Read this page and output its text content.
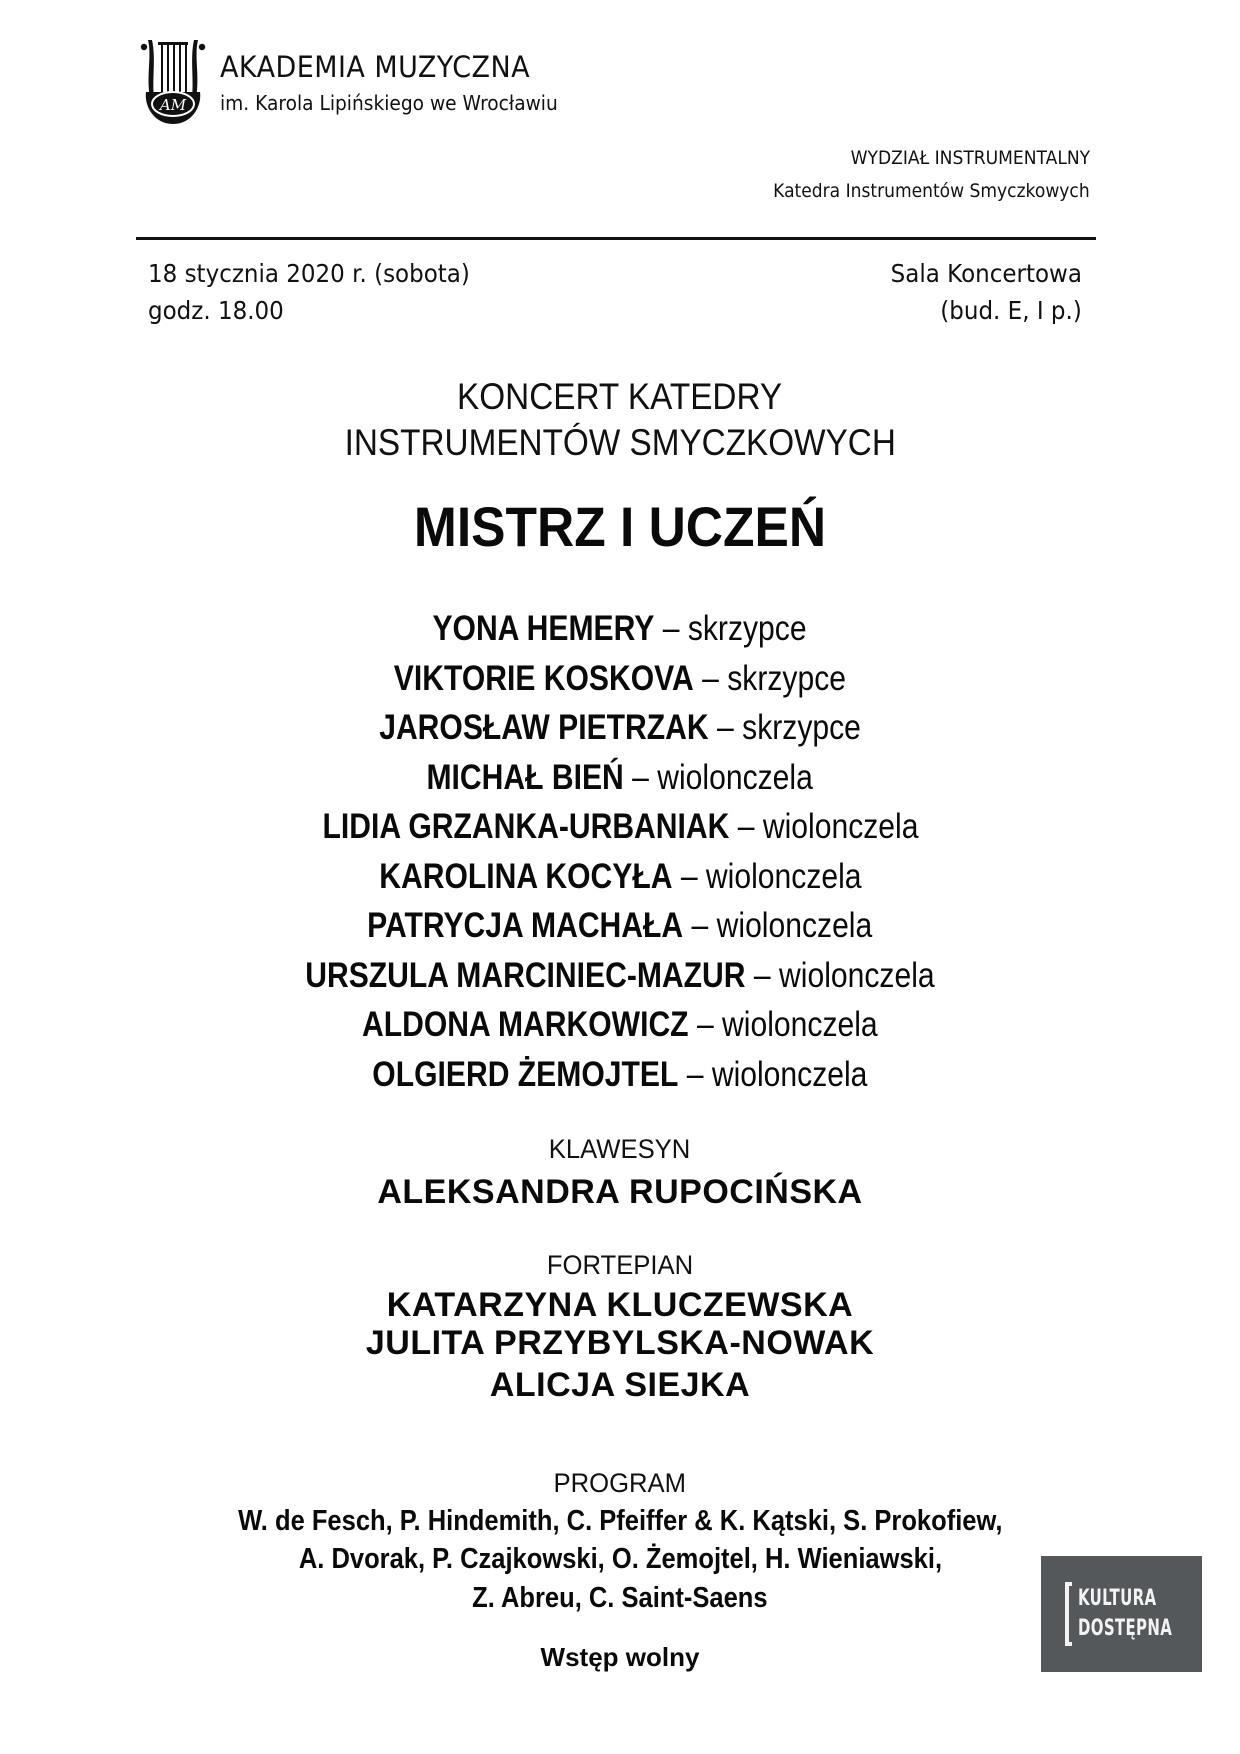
AM
AKADEMIA MUZYCZNA
im. Karola Lipińskiego we Wrocławiu
WYDZIAŁ INSTRUMENTALNY
Katedra Instrumentów Smyczkowych
18 stycznia 2020 r. (sobota)
godz. 18.00
Sala Koncertowa
(bud. E, I p.)
KONCERT KATEDRY
INSTRUMENTÓW SMYCZKOWYCH
MISTRZ I UCZEŃ
YONA HEMERY – skrzypce
VIKTORIE KOSKOVA – skrzypce
JAROSŁAW PIETRZAK – skrzypce
MICHAŁ BIEŃ – wiolonczela
LIDIA GRZANKA-URBANIAK – wiolonczela
KAROLINA KOCYŁA – wiolonczela
PATRYCJA MACHAŁA – wiolonczela
URSZULA MARCINIEC-MAZUR – wiolonczela
ALDONA MARKOWICZ – wiolonczela
OLGIERD ŻEMOJTEL – wiolonczela
KLAWESYN
ALEKSANDRA RUPOCIŃSKA
FORTEPIAN
KATARZYNA KLUCZEWSKA
JULITA PRZYBYLSKA-NOWAK
ALICJA SIEJKA
PROGRAM
W. de Fesch, P. Hindemith, C. Pfeiffer & K. Kątski, S. Prokofiew,
A. Dvorak, P. Czajkowski, O. Żemojtel, H. Wieniawski,
Z. Abreu, C. Saint-Saens
Wstęp wolny
KULTURA
DOSTĘPNA
